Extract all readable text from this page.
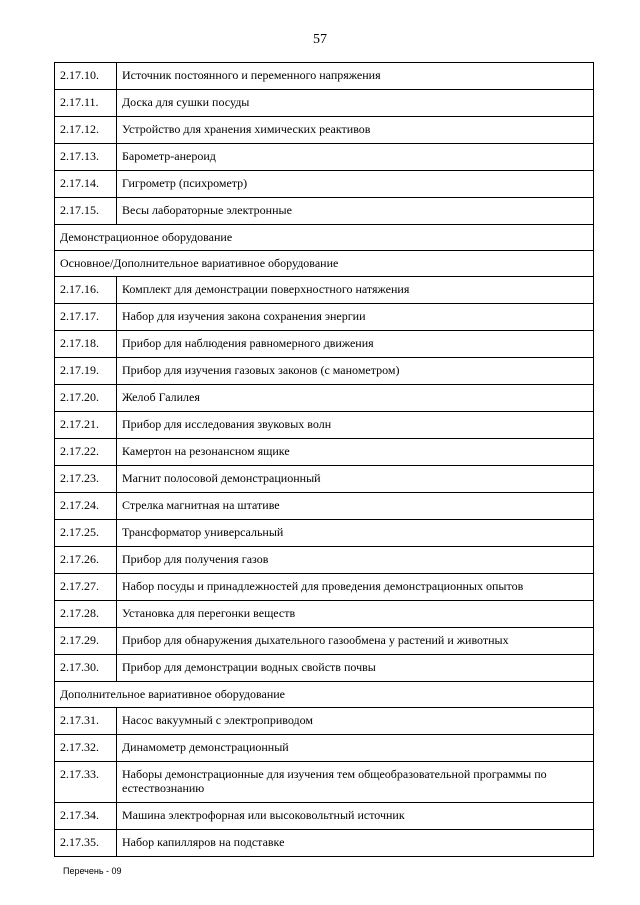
57
2.17.10.	Источник постоянного и переменного напряжения
2.17.11.	Доска для сушки посуды
2.17.12.	Устройство для хранения химических реактивов
2.17.13.	Барометр-анероид
2.17.14.	Гигрометр (психрометр)
2.17.15.	Весы лабораторные электронные
Демонстрационное оборудование	
Основное/Дополнительное вариативное оборудование	
2.17.16.	Комплект для демонстрации поверхностного натяжения
2.17.17.	Набор для изучения закона сохранения энергии
2.17.18.	Прибор для наблюдения равномерного движения
2.17.19.	Прибор для изучения газовых законов (с манометром)
2.17.20.	Желоб Галилея
2.17.21.	Прибор для исследования звуковых волн
2.17.22.	Камертон на резонансном ящике
2.17.23.	Магнит полосовой демонстрационный
2.17.24.	Стрелка магнитная на штативе
2.17.25.	Трансформатор универсальный
2.17.26.	Прибор для получения газов
2.17.27.	Набор посуды и принадлежностей для проведения демонстрационных опытов
2.17.28.	Установка для перегонки веществ
2.17.29.	Прибор для обнаружения дыхательного газообмена у растений и животных
2.17.30.	Прибор для демонстрации водных свойств почвы
Дополнительное вариативное оборудование	
2.17.31.	Насос вакуумный с электроприводом
2.17.32.	Динамометр демонстрационный
2.17.33.	Наборы демонстрационные для изучения тем общеобразовательной программы по естествознанию
2.17.34.	Машина электрофорная или высоковольтный источник
2.17.35.	Набор капилляров на подставке
Перечень - 09
